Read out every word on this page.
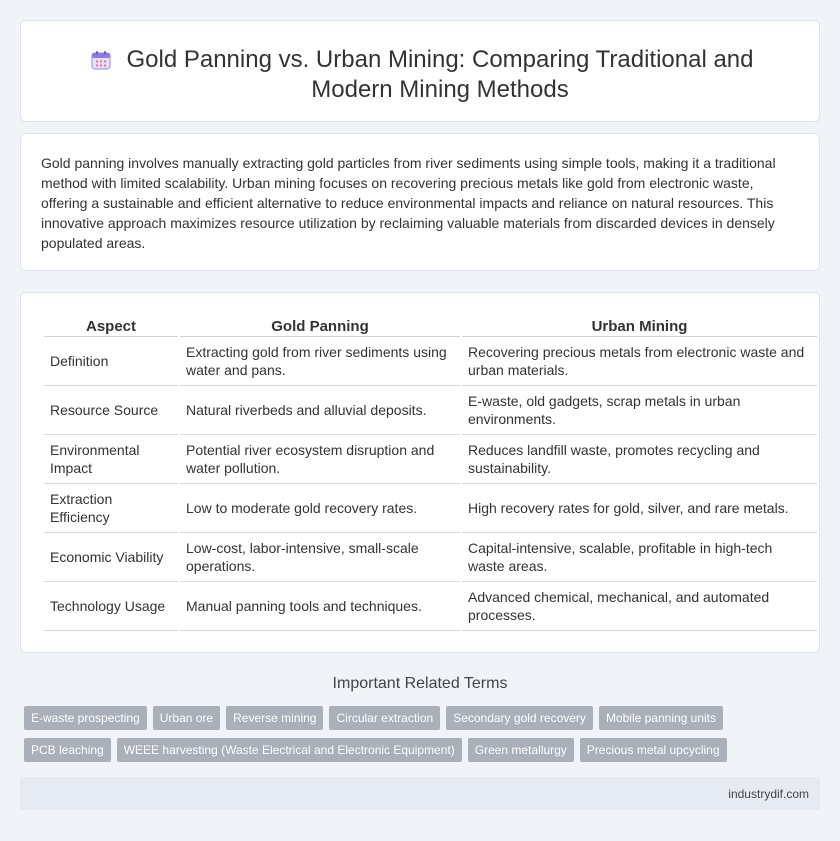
Gold Panning vs. Urban Mining: Comparing Traditional and Modern Mining Methods

Gold panning involves manually extracting gold particles from river sediments using simple tools, making it a traditional method with limited scalability. Urban mining focuses on recovering precious metals like gold from electronic waste, offering a sustainable and efficient alternative to reduce environmental impacts and reliance on natural resources. This innovative approach maximizes resource utilization by reclaiming valuable materials from discarded devices in densely populated areas.

Aspect	Gold Panning	Urban Mining
Definition	Extracting gold from river sediments using water and pans.	Recovering precious metals from electronic waste and urban materials.
Resource Source	Natural riverbeds and alluvial deposits.	E-waste, old gadgets, scrap metals in urban environments.
Environmental Impact	Potential river ecosystem disruption and water pollution.	Reduces landfill waste, promotes recycling and sustainability.
Extraction Efficiency	Low to moderate gold recovery rates.	High recovery rates for gold, silver, and rare metals.
Economic Viability	Low-cost, labor-intensive, small-scale operations.	Capital-intensive, scalable, profitable in high-tech waste areas.
Technology Usage	Manual panning tools and techniques.	Advanced chemical, mechanical, and automated processes.
Important Related Terms
E-waste prospecting	Urban ore	Reverse mining	Circular extraction	Secondary gold recovery	Mobile panning units
PCB leaching	WEEE harvesting (Waste Electrical and Electronic Equipment)	Green metallurgy	Precious metal upcycling
industrydif.com
